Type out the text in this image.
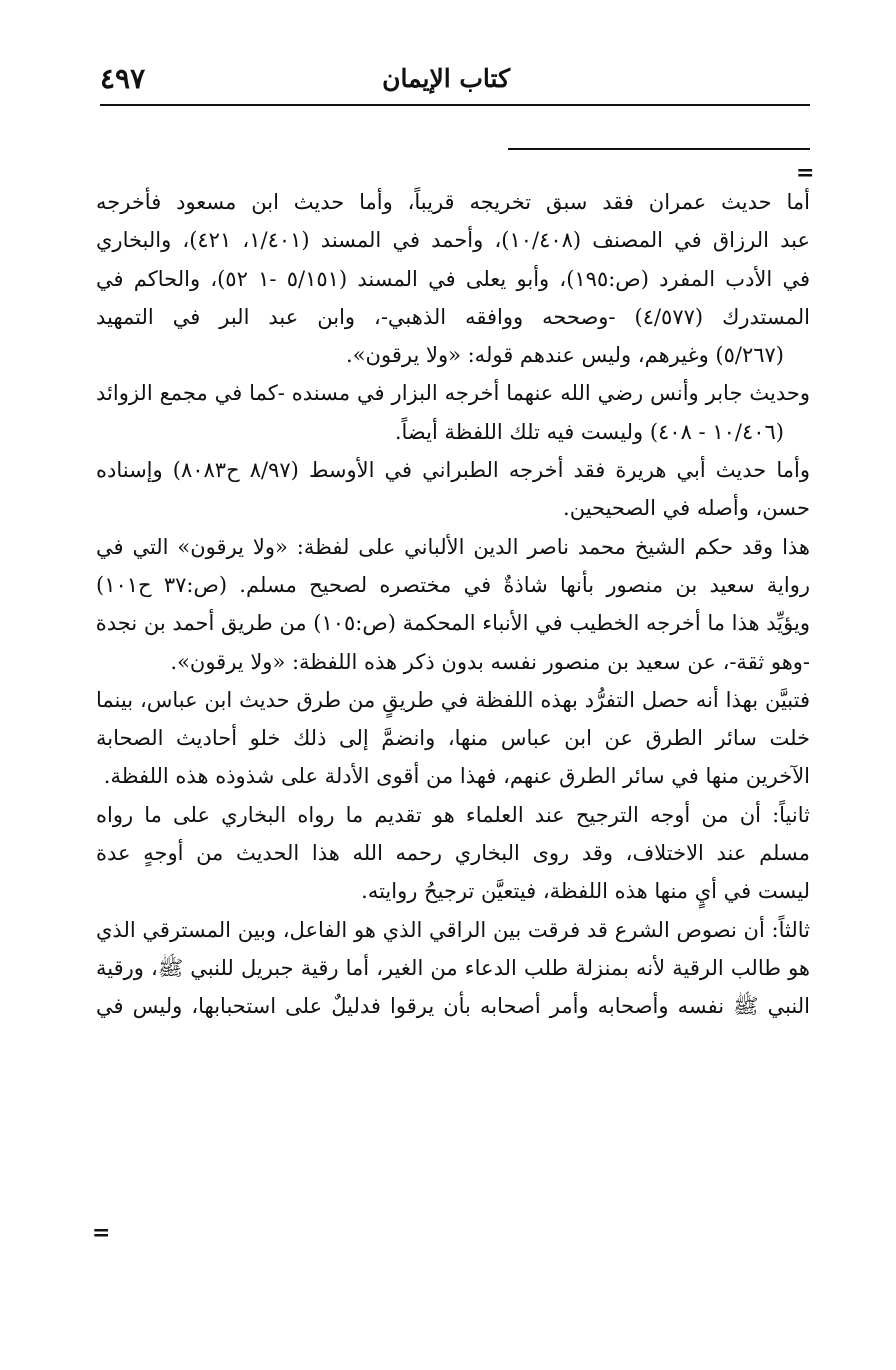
كتاب الإيمان
٤٩٧
=
أما حديث عمران فقد سبق تخريجه قريباً، وأما حديث ابن مسعود فأخرجه
عبد الرزاق في المصنف (١٠/٤٠٨)، وأحمد في المسند (١/٤٠١، ٤٢١)، والبخاري
في الأدب المفرد (ص:١٩٥)، وأبو يعلى في المسند (٥/١٥١ -١ ٥٢)، والحاكم في
المستدرك (٤/٥٧٧) -وصححه ووافقه الذهبي-، وابن عبد البر في التمهيد
(٥/٢٦٧) وغيرهم، وليس عندهم قوله: «ولا يرقون».
وحديث جابر وأنس رضي الله عنهما أخرجه البزار في مسنده -كما في مجمع الزوائد
(١٠/٤٠٦ - ٤٠٨) وليست فيه تلك اللفظة أيضاً.
وأما حديث أبي هريرة فقد أخرجه الطبراني في الأوسط (٨/٩٧ ح٨٠٨٣) وإسناده
حسن، وأصله في الصحيحين.
هذا وقد حكم الشيخ محمد ناصر الدين الألباني على لفظة: «ولا يرقون» التي في
رواية سعيد بن منصور بأنها شاذةٌ في مختصره لصحيح مسلم. (ص:٣٧ ح١٠١)
ويؤيِّد هذا ما أخرجه الخطيب في الأنباء المحكمة (ص:١٠٥) من طريق أحمد بن نجدة
-وهو ثقة-، عن سعيد بن منصور نفسه بدون ذكر هذه اللفظة: «ولا يرقون».
فتبيَّن بهذا أنه حصل التفرُّد بهذه اللفظة في طريقٍ من طرق حديث ابن عباس، بينما
خلت سائر الطرق عن ابن عباس منها، وانضمَّ إلى ذلك خلو أحاديث الصحابة
الآخرين منها في سائر الطرق عنهم، فهذا من أقوى الأدلة على شذوذه هذه اللفظة.
ثانياً: أن من أوجه الترجيح عند العلماء هو تقديم ما رواه البخاري على ما رواه
مسلم عند الاختلاف، وقد روى البخاري رحمه الله هذا الحديث من أوجهٍ عدة
ليست في أيٍ منها هذه اللفظة، فيتعيَّن ترجيحُ روايته.
ثالثاً: أن نصوص الشرع قد فرقت بين الراقي الذي هو الفاعل، وبين المسترقي الذي
هو طالب الرقية لأنه بمنزلة طلب الدعاء من الغير، أما رقية جبريل للنبي ﷺ، ورقية
النبي ﷺ نفسه وأصحابه وأمر أصحابه بأن يرقوا فدليلٌ على استحبابها، وليس في
=
